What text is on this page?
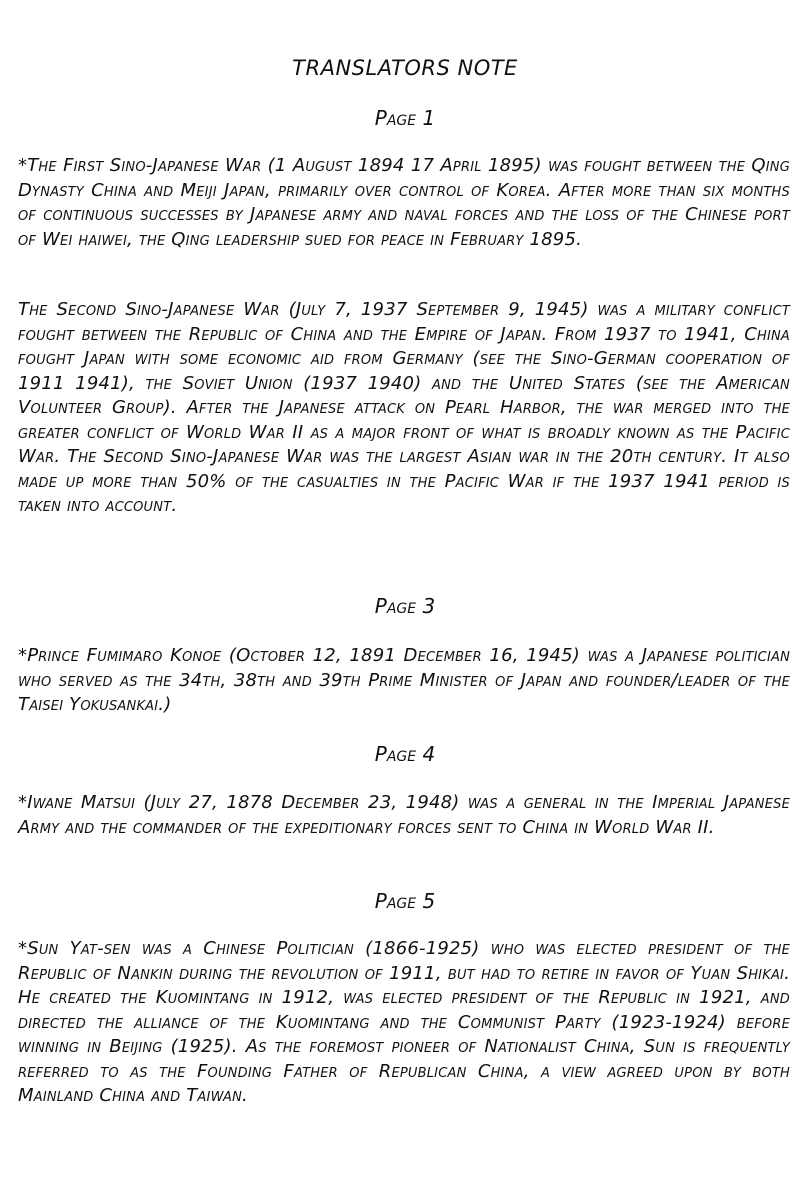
TRANSLATORS NOTE
Page 1
*The First Sino-Japanese War (1 August 1894 17 April 1895) was fought between the Qing Dynasty China and Meiji Japan, primarily over control of Korea. After more than six months of continuous successes by Japanese army and naval forces and the loss of the Chinese port of Wei haiwei, the Qing leadership sued for peace in February 1895.
The Second Sino-Japanese War (July 7, 1937 September 9, 1945) was a military conflict fought between the Republic of China and the Empire of Japan. From 1937 to 1941, China fought Japan with some economic aid from Germany (see the Sino-German cooperation of 1911 1941), the Soviet Union (1937 1940) and the United States (see the American Volunteer Group). After the Japanese attack on Pearl Harbor, the war merged into the greater conflict of World War II as a major front of what is broadly known as the Pacific War. The Second Sino-Japanese War was the largest Asian war in the 20th century. It also made up more than 50% of the casualties in the Pacific War if the 1937 1941 period is taken into account.
Page 3
*Prince Fumimaro Konoe (October 12, 1891 December 16, 1945) was a Japanese politician who served as the 34th, 38th and 39th Prime Minister of Japan and founder/leader of the Taisei Yokusankai.)
Page 4
*Iwane Matsui (July 27, 1878 December 23, 1948) was a general in the Imperial Japanese Army and the commander of the expeditionary forces sent to China in World War II.
Page 5
*Sun Yat-sen was a Chinese Politician (1866-1925) who was elected president of the Republic of Nankin during the revolution of 1911, but had to retire in favor of Yuan Shikai. He created the Kuomintang in 1912, was elected president of the Republic in 1921, and directed the alliance of the Kuomintang and the Communist Party (1923-1924) before winning in Beijing (1925). As the foremost pioneer of Nationalist China, Sun is frequently referred to as the Founding Father of Republican China, a view agreed upon by both Mainland China and Taiwan.
